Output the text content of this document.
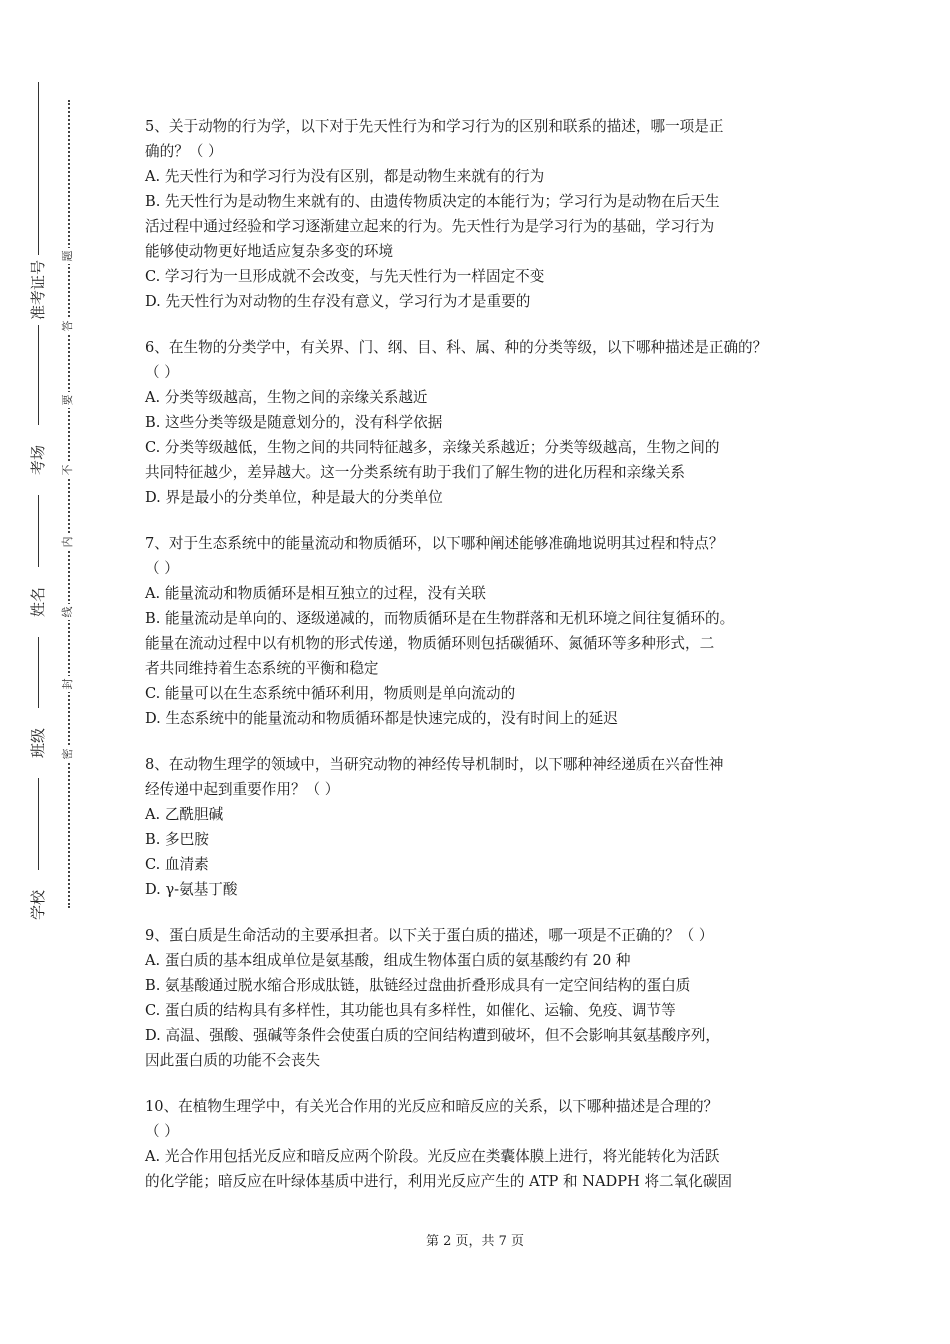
学校
班级
姓名
考场
准考证号
密
封
线
内
不
要
答
题
5、关于动物的行为学，以下对于先天性行为和学习行为的区别和联系的描述，哪一项是正
确的？（ ）
A. 先天性行为和学习行为没有区别，都是动物生来就有的行为
B. 先天性行为是动物生来就有的、由遗传物质决定的本能行为；学习行为是动物在后天生
活过程中通过经验和学习逐渐建立起来的行为。先天性行为是学习行为的基础，学习行为
能够使动物更好地适应复杂多变的环境
C. 学习行为一旦形成就不会改变，与先天性行为一样固定不变
D. 先天性行为对动物的生存没有意义，学习行为才是重要的
6、在生物的分类学中，有关界、门、纲、目、科、属、种的分类等级，以下哪种描述是正确的？
（ ）
A. 分类等级越高，生物之间的亲缘关系越近
B. 这些分类等级是随意划分的，没有科学依据
C. 分类等级越低，生物之间的共同特征越多，亲缘关系越近；分类等级越高，生物之间的
共同特征越少，差异越大。这一分类系统有助于我们了解生物的进化历程和亲缘关系
D. 界是最小的分类单位，种是最大的分类单位
7、对于生态系统中的能量流动和物质循环，以下哪种阐述能够准确地说明其过程和特点？
（ ）
A. 能量流动和物质循环是相互独立的过程，没有关联
B. 能量流动是单向的、逐级递减的，而物质循环是在生物群落和无机环境之间往复循环的。
能量在流动过程中以有机物的形式传递，物质循环则包括碳循环、氮循环等多种形式，二
者共同维持着生态系统的平衡和稳定
C. 能量可以在生态系统中循环利用，物质则是单向流动的
D. 生态系统中的能量流动和物质循环都是快速完成的，没有时间上的延迟
8、在动物生理学的领域中，当研究动物的神经传导机制时，以下哪种神经递质在兴奋性神
经传递中起到重要作用？（ ）
A. 乙酰胆碱
B. 多巴胺
C. 血清素
D. γ-氨基丁酸
9、蛋白质是生命活动的主要承担者。以下关于蛋白质的描述，哪一项是不正确的？（ ）
A. 蛋白质的基本组成单位是氨基酸，组成生物体蛋白质的氨基酸约有 20 种
B. 氨基酸通过脱水缩合形成肽链，肽链经过盘曲折叠形成具有一定空间结构的蛋白质
C. 蛋白质的结构具有多样性，其功能也具有多样性，如催化、运输、免疫、调节等
D. 高温、强酸、强碱等条件会使蛋白质的空间结构遭到破坏，但不会影响其氨基酸序列，
因此蛋白质的功能不会丧失
10、在植物生理学中，有关光合作用的光反应和暗反应的关系，以下哪种描述是合理的？
（ ）
A. 光合作用包括光反应和暗反应两个阶段。光反应在类囊体膜上进行，将光能转化为活跃
的化学能；暗反应在叶绿体基质中进行，利用光反应产生的 ATP 和 NADPH 将二氧化碳固
第 2 页，共 7 页
